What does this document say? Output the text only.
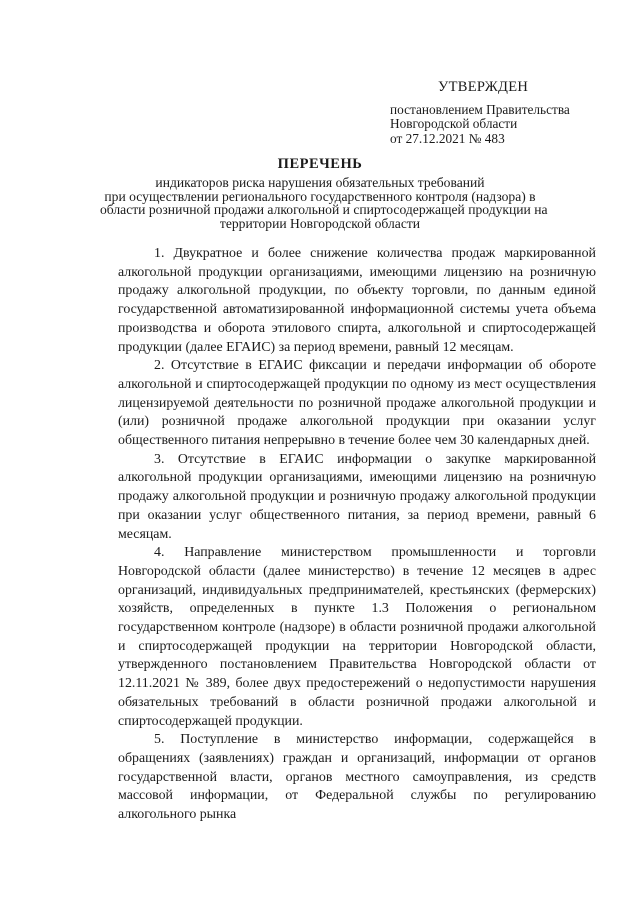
УТВЕРЖДЕН
постановлением Правительства
Новгородской области
от 27.12.2021 № 483
ПЕРЕЧЕНЬ
индикаторов риска нарушения обязательных требований
при осуществлении регионального государственного контроля (надзора) в
области розничной продажи алкогольной и спиртосодержащей продукции на
территории Новгородской области

1. Двукратное и более снижение количества продаж маркированной алкогольной продукции организациями, имеющими лицензию на розничную продажу алкогольной продукции, по объекту торговли, по данным единой государственной автоматизированной информационной системы учета объема производства и оборота этилового спирта, алкогольной и спиртосодержащей продукции (далее ЕГАИС) за период времени, равный 12 месяцам.

2. Отсутствие в ЕГАИС фиксации и передачи информации об обороте алкогольной и спиртосодержащей продукции по одному из мест осуществления лицензируемой деятельности по розничной продаже алкогольной продукции и (или) розничной продаже алкогольной продукции при оказании услуг общественного питания непрерывно в течение более чем 30 календарных дней.

3. Отсутствие в ЕГАИС информации о закупке маркированной алкогольной продукции организациями, имеющими лицензию на розничную продажу алкогольной продукции и розничную продажу алкогольной продукции при оказании услуг общественного питания, за период времени, равный 6 месяцам.

4. Направление министерством промышленности и торговли Новгородской области (далее министерство) в течение 12 месяцев в адрес организаций, индивидуальных предпринимателей, крестьянских (фермерских) хозяйств, определенных в пункте 1.3 Положения о региональном государственном контроле (надзоре) в области розничной продажи алкогольной и спиртосодержащей продукции на территории Новгородской области, утвержденного постановлением Правительства Новгородской области от 12.11.2021 № 389, более двух предостережений о недопустимости нарушения обязательных требований в области розничной продажи алкогольной и спиртосодержащей продукции.

5. Поступление в министерство информации, содержащейся в обращениях (заявлениях) граждан и организаций, информации от органов государственной власти, органов местного самоуправления, из средств массовой информации, от Федеральной службы по регулированию алкогольного рынка
